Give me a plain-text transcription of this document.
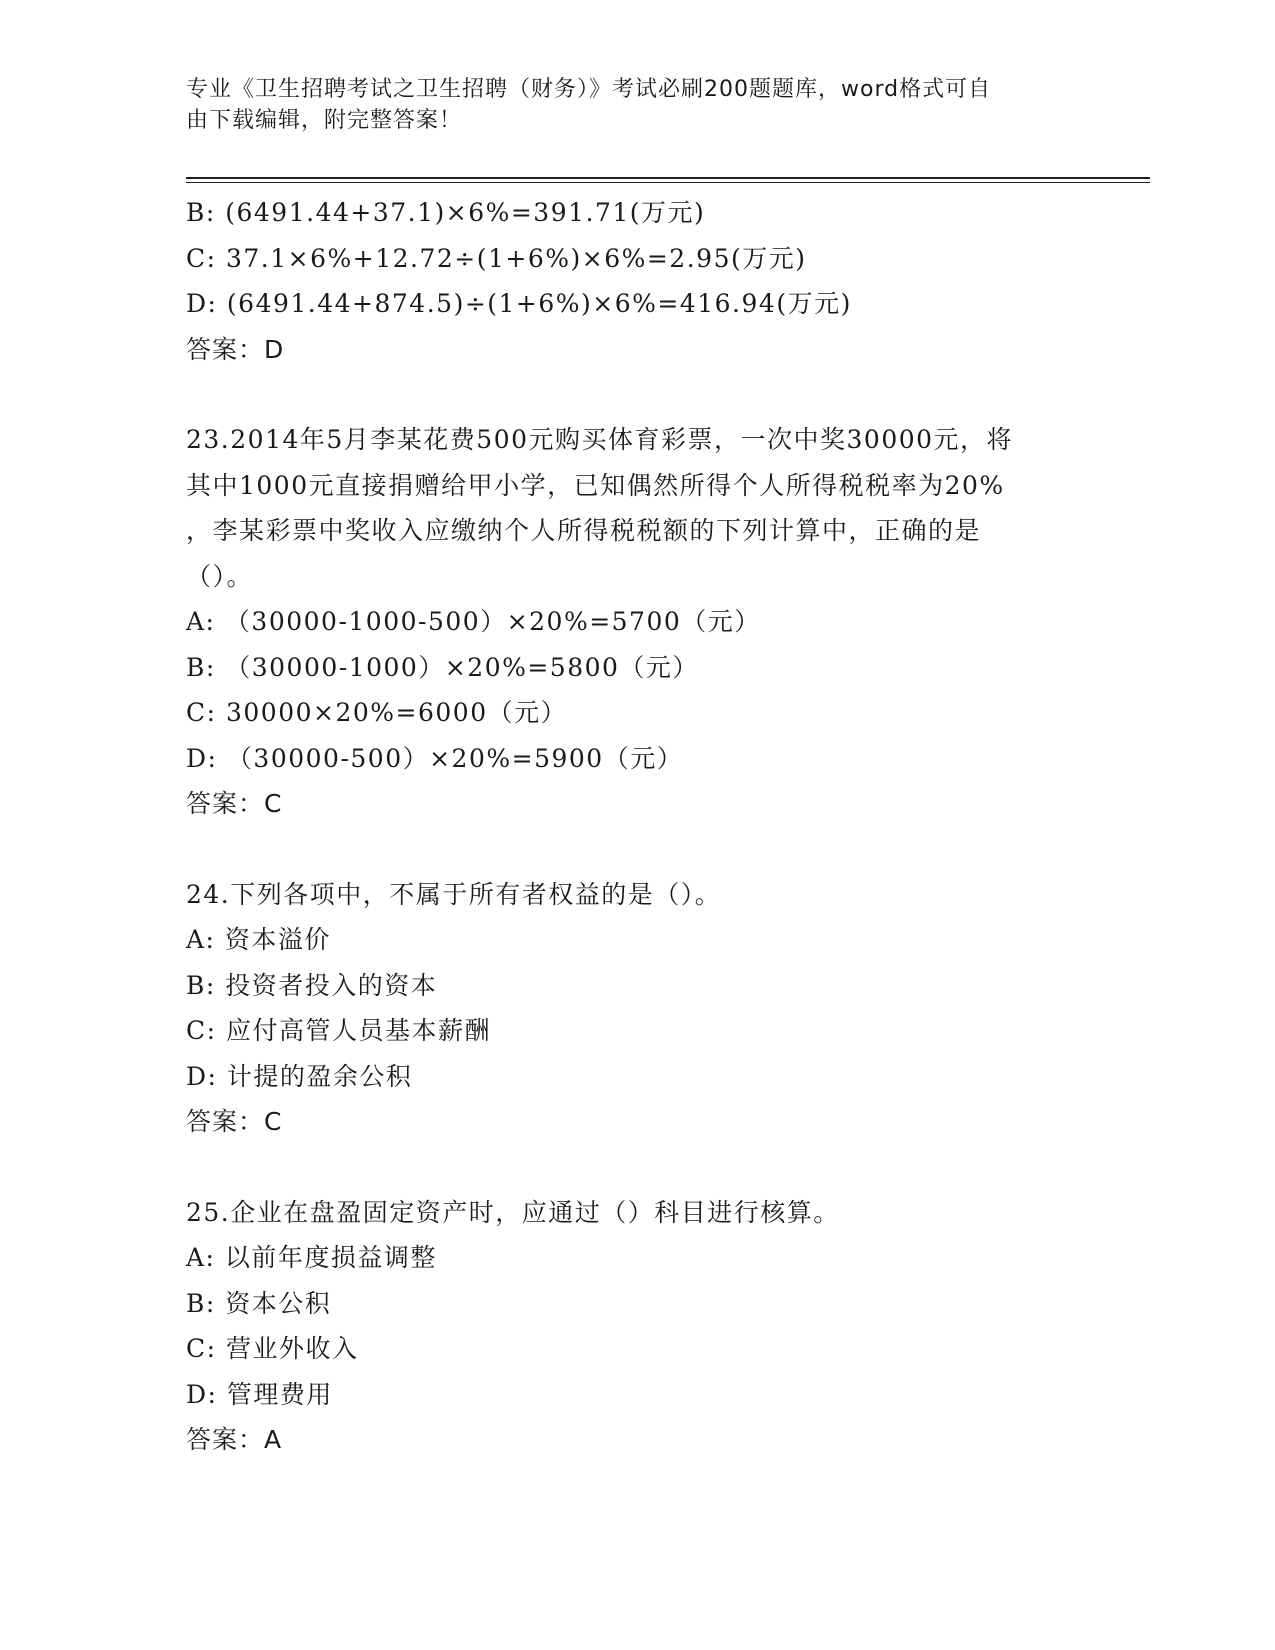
专业《卫生招聘考试之卫生招聘（财务）》考试必刷200题题库，word格式可自
由下载编辑，附完整答案！
B: (6491.44+37.1)×6%=391.71(万元)
C: 37.1×6%+12.72÷(1+6%)×6%=2.95(万元)
D: (6491.44+874.5)÷(1+6%)×6%=416.94(万元)
答案：D
23.2014年5月李某花费500元购买体育彩票，一次中奖30000元，将
其中1000元直接捐赠给甲小学，已知偶然所得个人所得税税率为20%
，李某彩票中奖收入应缴纳个人所得税税额的下列计算中，正确的是
（）。
A: （30000-1000-500）×20%=5700（元）
B: （30000-1000）×20%=5800（元）
C: 30000×20%=6000（元）
D: （30000-500）×20%=5900（元）
答案：C
24.下列各项中，不属于所有者权益的是（）。
A: 资本溢价
B: 投资者投入的资本
C: 应付高管人员基本薪酬
D: 计提的盈余公积
答案：C
25.企业在盘盈固定资产时，应通过（）科目进行核算。
A: 以前年度损益调整
B: 资本公积
C: 营业外收入
D: 管理费用
答案：A
